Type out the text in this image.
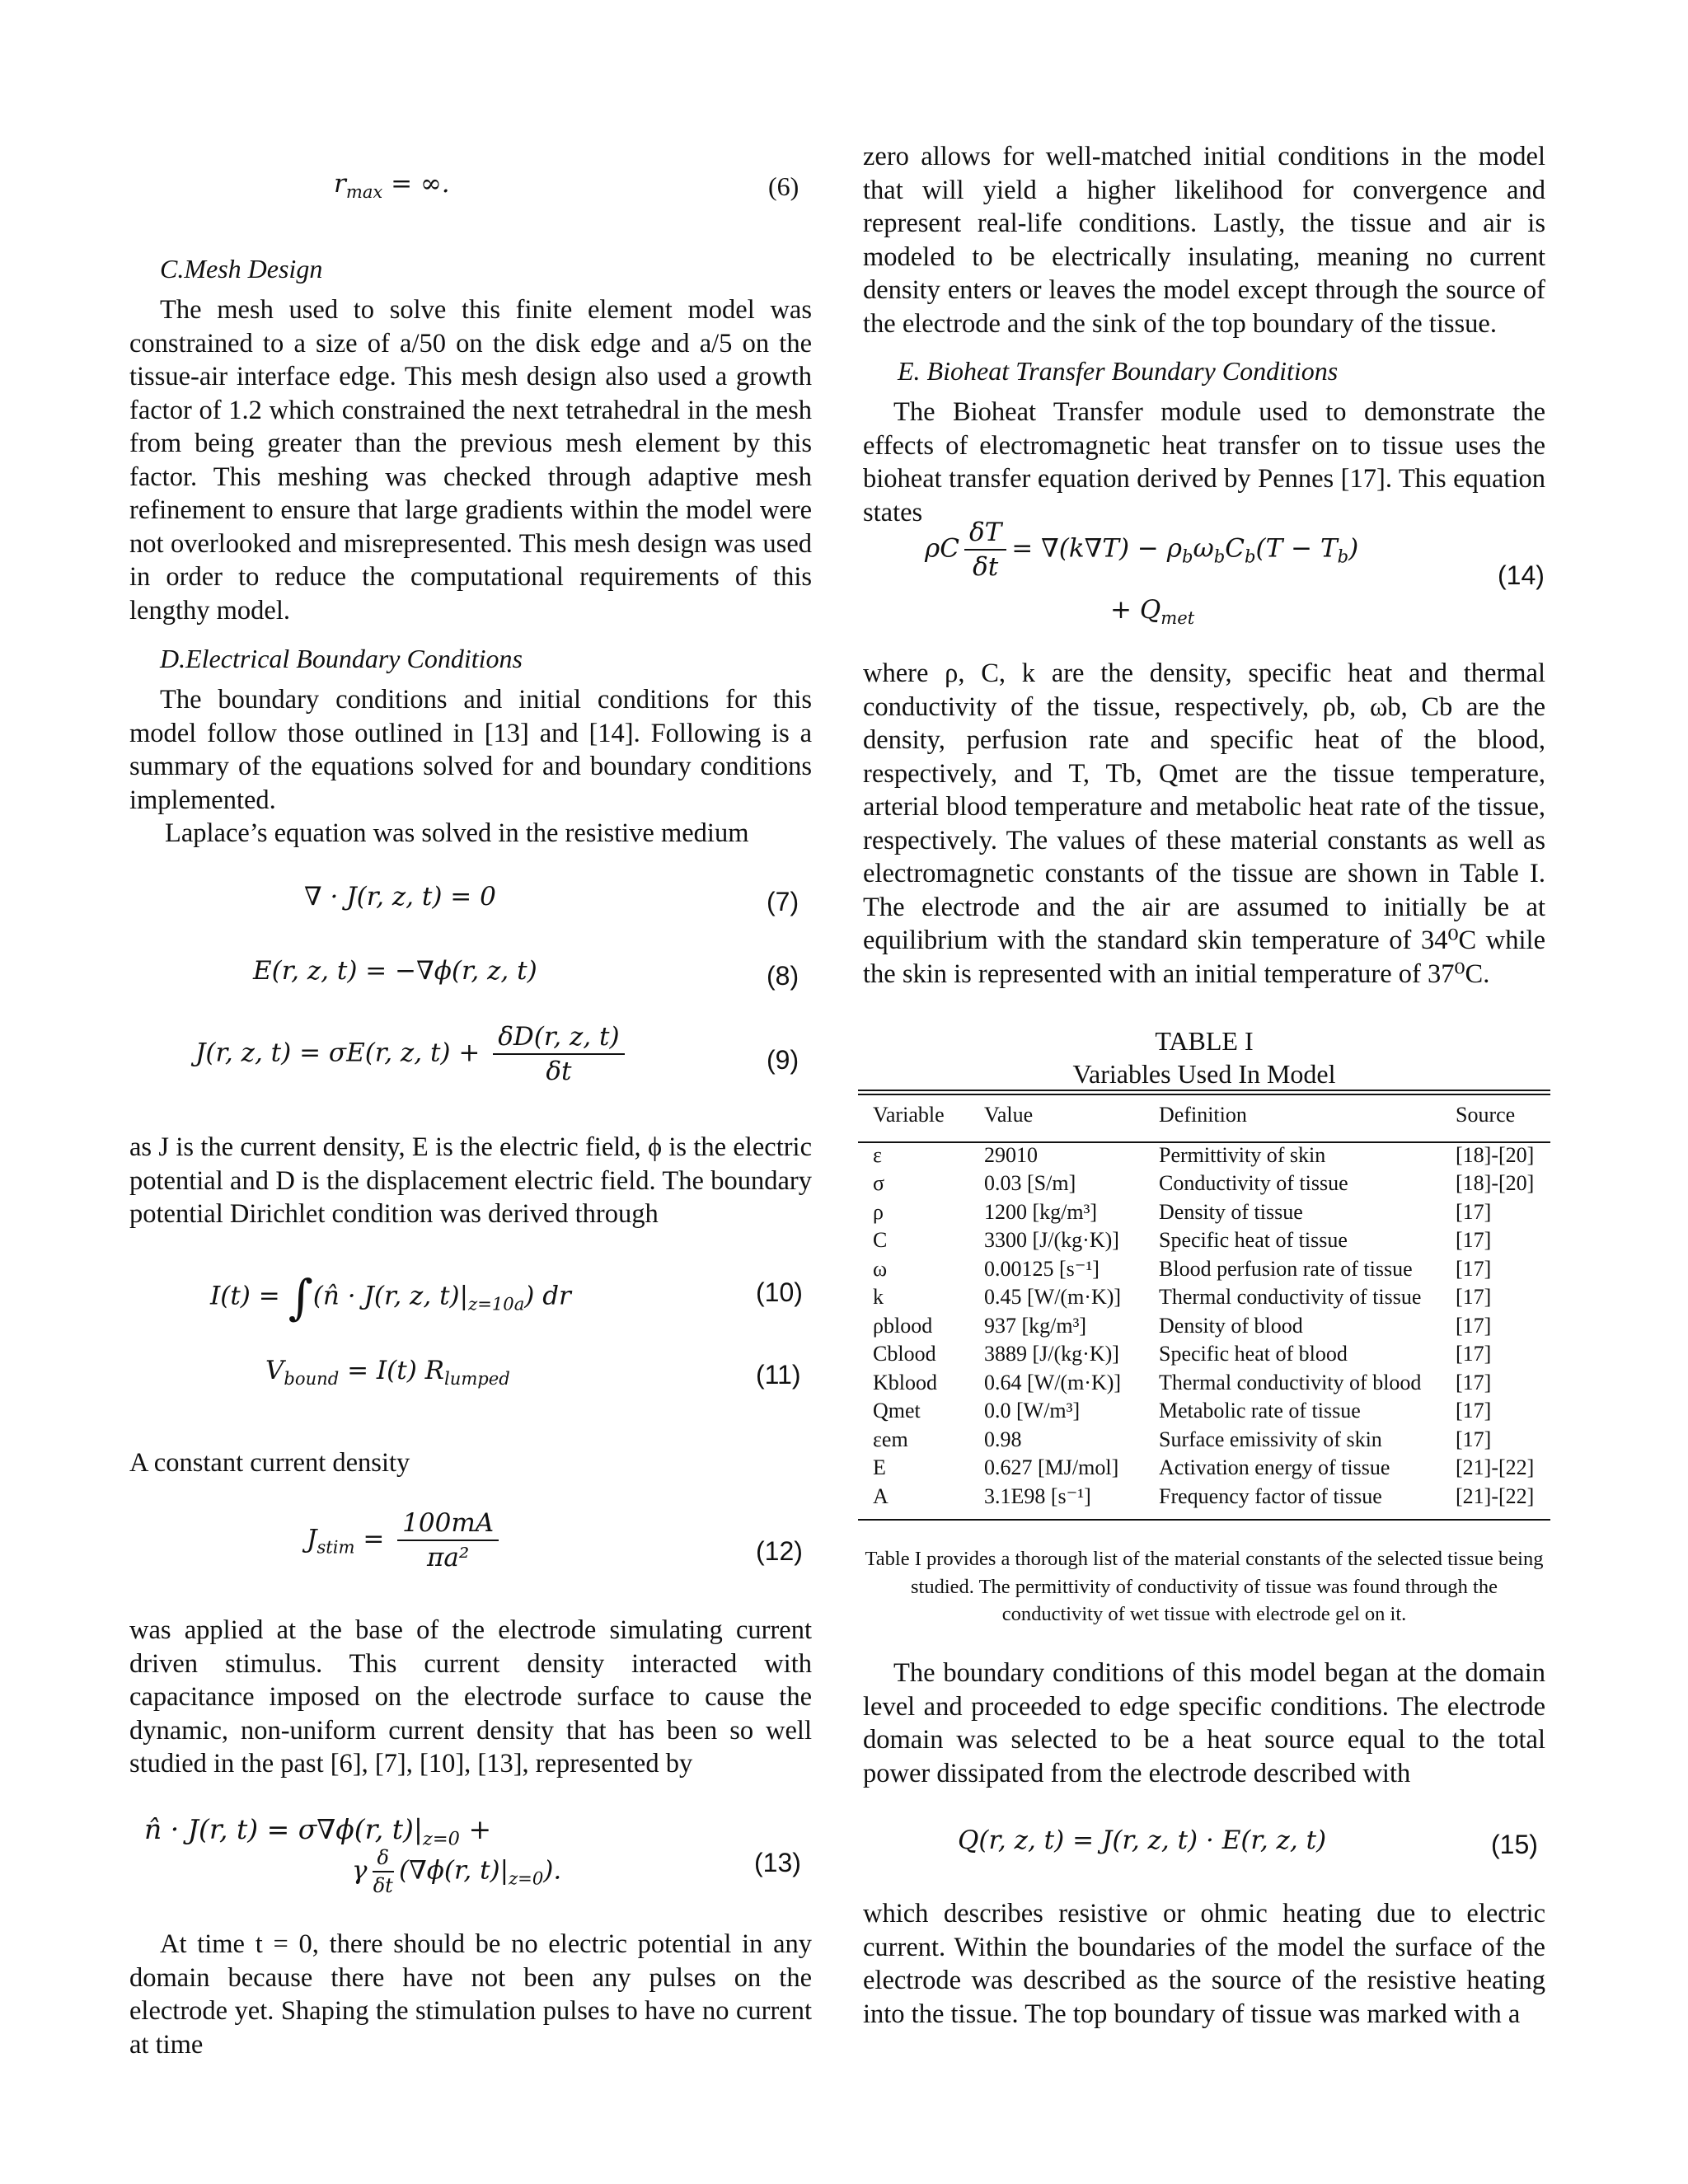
$r_{max}$ = ∞.	(6)
C.Mesh Design

The mesh used to solve this finite element model was constrained to a size of a/50 on the disk edge and a/5 on the tissue-air interface edge. This mesh design also used a growth factor of 1.2 which constrained the next tetrahedral in the mesh from being greater than the previous mesh element by this factor. This meshing was checked through adaptive mesh refinement to ensure that large gradients within the model were not overlooked and misrepresented. This mesh design was used in order to reduce the computational requirements of this lengthy model.

D.Electrical Boundary Conditions

The boundary conditions and initial conditions for this model follow those outlined in [13] and [14]. Following is a summary of the equations solved for and boundary conditions implemented.

Laplace’s equation was solved in the resistive medium

∇ · J(r, z, t) = 0	(7)
E(r, z, t) = −∇ϕ(r, z, t)	(8)
J(r, z, t) = σE(r, z, $t) + \frac{\delta D(r, z, t)}{\delta t}$	(9)

as J is the current density, E is the electric field, ϕ is the electric potential and D is the displacement electric field. The boundary potential Dirichlet condition was derived through

I(t) = ∫(n̂ · J(r, z, $t)|_{z=10a}$) dr	(10)
$V_{bound} = I(t)$ $R_{lumped}$	(11)

A constant current density

$J_{stim} = \frac{100mA}{\text{πa²}}$	(12)

was applied at the base of the electrode simulating current driven stimulus. This current density interacted with capacitance imposed on the electrode surface to cause the dynamic, non-uniform current density that has been so well studied in the past [6], [7], [10], [13], represented by

n̂ · J(r, t) = σ∇ϕ(r, $t)|_{z=0}$ +
γ $\frac{\delta}{\delta t} (\nabla\phi(r$, $t)|_{z=0}$).	(13)

At time t = 0, there should be no electric potential in any domain because there have not been any pulses on the electrode yet. Shaping the stimulation pulses to have no current at time

zero allows for well-matched initial conditions in the model that will yield a higher likelihood for convergence and represent real-life conditions. Lastly, the tissue and air is modeled to be electrically insulating, meaning no current density enters or leaves the model except through the source of the electrode and the sink of the top boundary of the tissue.

E. Bioheat Transfer Boundary Conditions

The Bioheat Transfer module used to demonstrate the effects of electromagnetic heat transfer on to tissue uses the bioheat transfer equation derived by Pennes [17]. This equation states

ρC $\frac{\delta T}{\delta t} = \nabla(k\nabla T) - \rho_b\omega_bC_b(T - T_b)$
+ $Q_{met}$
(14)

where ρ, C, k are the density, specific heat and thermal conductivity of the tissue, respectively, ρb, ωb, Cb are the density, perfusion rate and specific heat of the blood, respectively, and T, Tb, Qmet are the tissue temperature, arterial blood temperature and metabolic heat rate of the tissue, respectively. The values of these material constants as well as electromagnetic constants of the tissue are shown in Table I. The electrode and the air are assumed to initially be at equilibrium with the standard skin temperature of 34⁰C while the skin is represented with an initial temperature of 37⁰C.

TABLE I
Variables Used In Model
Variable	Value	Definition	Source
ε	29010	Permittivity of skin	[18]-[20]
σ	0.03 [S/m]	Conductivity of tissue	[18]-[20]
ρ	1200 [kg/m³]	Density of tissue	[17]
C	3300 [J/(kg·K)]	Specific heat of tissue	[17]
ω	0.00125 [s⁻¹]	Blood perfusion rate of tissue	[17]
k	0.45 [W/(m·K)]	Thermal conductivity of tissue	[17]
ρblood	937 [kg/m³]	Density of blood	[17]
Cblood	3889 [J/(kg·K)]	Specific heat of blood	[17]
Kblood	0.64 [W/(m·K)]	Thermal conductivity of blood	[17]
Qmet	0.0 [W/m³]	Metabolic rate of tissue	[17]
εem	0.98	Surface emissivity of skin	[17]
E	0.627 [MJ/mol]	Activation energy of tissue	[21]-[22]
A	3.1E98 [s⁻¹]	Frequency factor of tissue	[21]-[22]
Table I provides a thorough list of the material constants of the selected tissue being studied. The permittivity of conductivity of tissue was found through the conductivity of wet tissue with electrode gel on it.

The boundary conditions of this model began at the domain level and proceeded to edge specific conditions. The electrode domain was selected to be a heat source equal to the total power dissipated from the electrode described with

Q(r, z, t) = J(r, z, t) · E(r, z, t)	(15)

which describes resistive or ohmic heating due to electric current. Within the boundaries of the model the surface of the electrode was described as the source of the resistive heating into the tissue. The top boundary of tissue was marked with a
